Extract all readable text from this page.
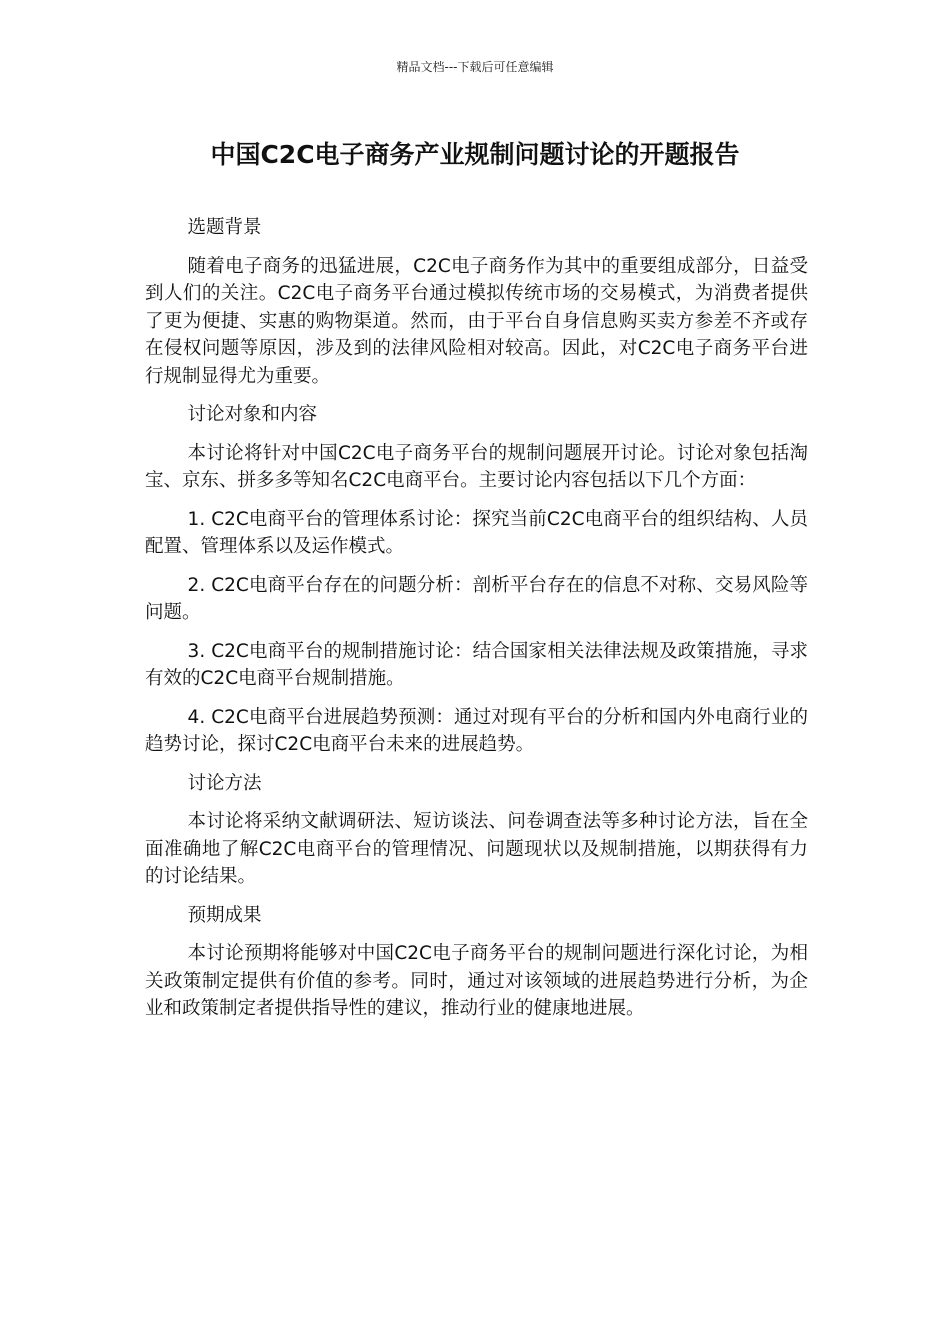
精品文档---下载后可任意编辑
中国C2C电子商务产业规制问题讨论的开题报告

选题背景

随着电子商务的迅猛进展，C2C电子商务作为其中的重要组成部分，日益受到人们的关注。C2C电子商务平台通过模拟传统市场的交易模式，为消费者提供了更为便捷、实惠的购物渠道。然而，由于平台自身信息购买卖方参差不齐或存在侵权问题等原因，涉及到的法律风险相对较高。因此，对C2C电子商务平台进行规制显得尤为重要。

讨论对象和内容

本讨论将针对中国C2C电子商务平台的规制问题展开讨论。讨论对象包括淘宝、京东、拼多多等知名C2C电商平台。主要讨论内容包括以下几个方面：

1. C2C电商平台的管理体系讨论：探究当前C2C电商平台的组织结构、人员配置、管理体系以及运作模式。

2. C2C电商平台存在的问题分析：剖析平台存在的信息不对称、交易风险等问题。

3. C2C电商平台的规制措施讨论：结合国家相关法律法规及政策措施，寻求有效的C2C电商平台规制措施。

4. C2C电商平台进展趋势预测：通过对现有平台的分析和国内外电商行业的趋势讨论，探讨C2C电商平台未来的进展趋势。

讨论方法

本讨论将采纳文献调研法、短访谈法、问卷调查法等多种讨论方法，旨在全面准确地了解C2C电商平台的管理情况、问题现状以及规制措施，以期获得有力的讨论结果。

预期成果

本讨论预期将能够对中国C2C电子商务平台的规制问题进行深化讨论，为相关政策制定提供有价值的参考。同时，通过对该领域的进展趋势进行分析，为企业和政策制定者提供指导性的建议，推动行业的健康地进展。
